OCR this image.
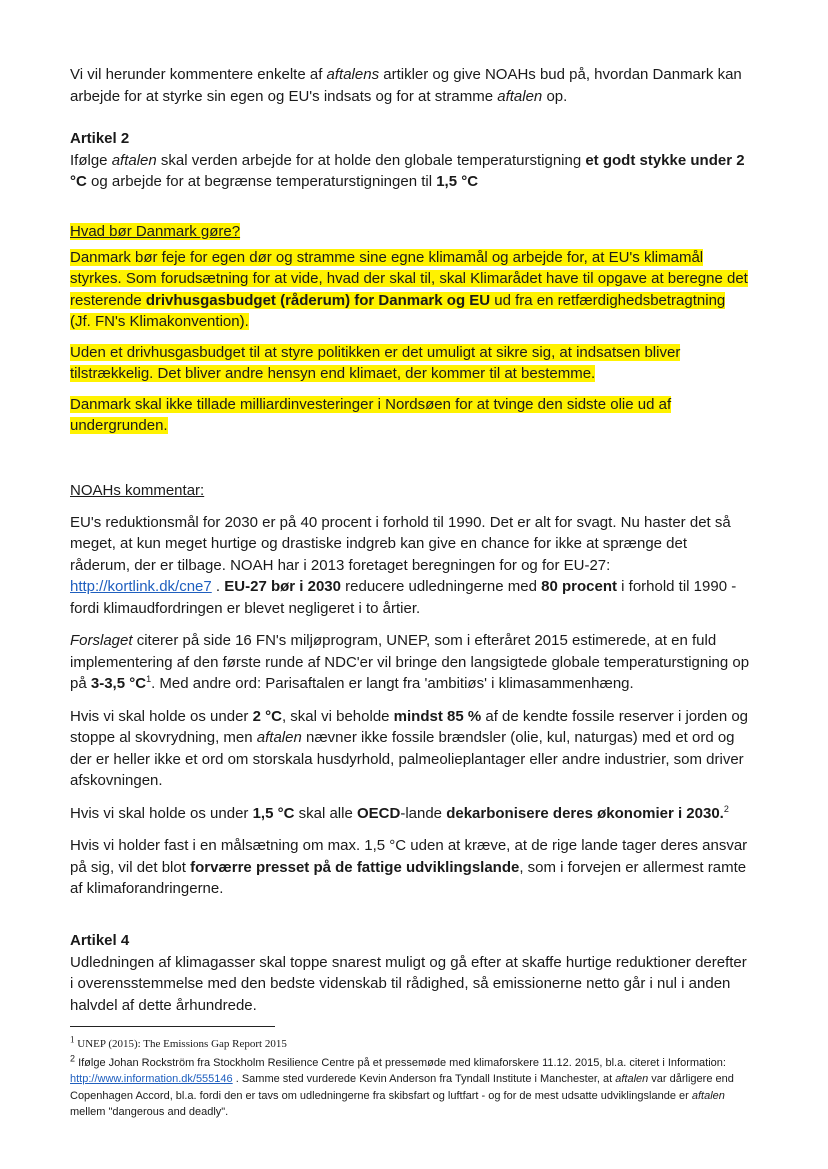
Vi vil herunder kommentere enkelte af aftalens artikler og give NOAHs bud på, hvordan Danmark kan arbejde for at styrke sin egen og EU's indsats og for at stramme aftalen op.

Artikel 2

Ifølge aftalen skal verden arbejde for at holde den globale temperaturstigning et godt stykke under 2 °C og arbejde for at begrænse temperaturstigningen til 1,5 °C

Hvad bør Danmark gøre?

Danmark bør feje for egen dør og stramme sine egne klimamål og arbejde for, at EU's klimamål styrkes. Som forudsætning for at vide, hvad der skal til, skal Klimarådet have til opgave at beregne det resterende drivhusgasbudget (råderum) for Danmark og EU ud fra en retfærdighedsbetragtning (Jf. FN's Klimakonvention).

Uden et drivhusgasbudget til at styre politikken er det umuligt at sikre sig, at indsatsen bliver tilstrækkelig. Det bliver andre hensyn end klimaet, der kommer til at bestemme.

Danmark skal ikke tillade milliardinvesteringer i Nordsøen for at tvinge den sidste olie ud af undergrunden.

NOAHs kommentar:

EU's reduktionsmål for 2030 er på 40 procent i forhold til 1990. Det er alt for svagt. Nu haster det så meget, at kun meget hurtige og drastiske indgreb kan give en chance for ikke at sprænge det råderum, der er tilbage. NOAH har i 2013 foretaget beregningen for og for EU-27: http://kortlink.dk/cne7 . EU-27 bør i 2030 reducere udledningerne med 80 procent i forhold til 1990 - fordi klimaudfordringen er blevet negligeret i to årtier.

Forslaget citerer på side 16 FN's miljøprogram, UNEP, som i efteråret 2015 estimerede, at en fuld implementering af den første runde af NDC'er vil bringe den langsigtede globale temperaturstigning op på 3-3,5 $^\circ C^1$. Med andre ord: Parisaftalen er langt fra 'ambitiøs' i klimasammenhæng.

Hvis vi skal holde os under 2 °C, skal vi beholde mindst 85 % af de kendte fossile reserver i jorden og stoppe al skovrydning, men aftalen nævner ikke fossile brændsler (olie, kul, naturgas) med et ord og der er heller ikke et ord om storskala husdyrhold, palmeolieplantager eller andre industrier, som driver afskovningen.

Hvis vi skal holde os under 1,5 °C skal alle OECD-lande dekarbonisere deres økonomier i 2030.$^2$

Hvis vi holder fast i en målsætning om max. 1,5 °C uden at kræve, at de rige lande tager deres ansvar på sig, vil det blot forværre presset på de fattige udviklingslande, som i forvejen er allermest ramte af klimaforandringerne.

Artikel 4

Udledningen af klimagasser skal toppe snarest muligt og gå efter at skaffe hurtige reduktioner derefter i overensstemmelse med den bedste videnskab til rådighed, så emissionerne netto går i nul i anden halvdel af dette århundrede.

$^1$ UNEP (2015): The Emissions Gap Report 2015
$^2$ Ifølge Johan Rockström fra Stockholm Resilience Centre på et pressemøde med klimaforskere 11.12. 2015, bl.a. citeret i Information: http://www.information.dk/555146 . Samme sted vurderede Kevin Anderson fra Tyndall Institute i Manchester, at aftalen var dårligere end Copenhagen Accord, bl.a. fordi den er tavs om udledningerne fra skibsfart og luftfart - og for de mest udsatte udviklingslande er aftalen mellem "dangerous and deadly".
